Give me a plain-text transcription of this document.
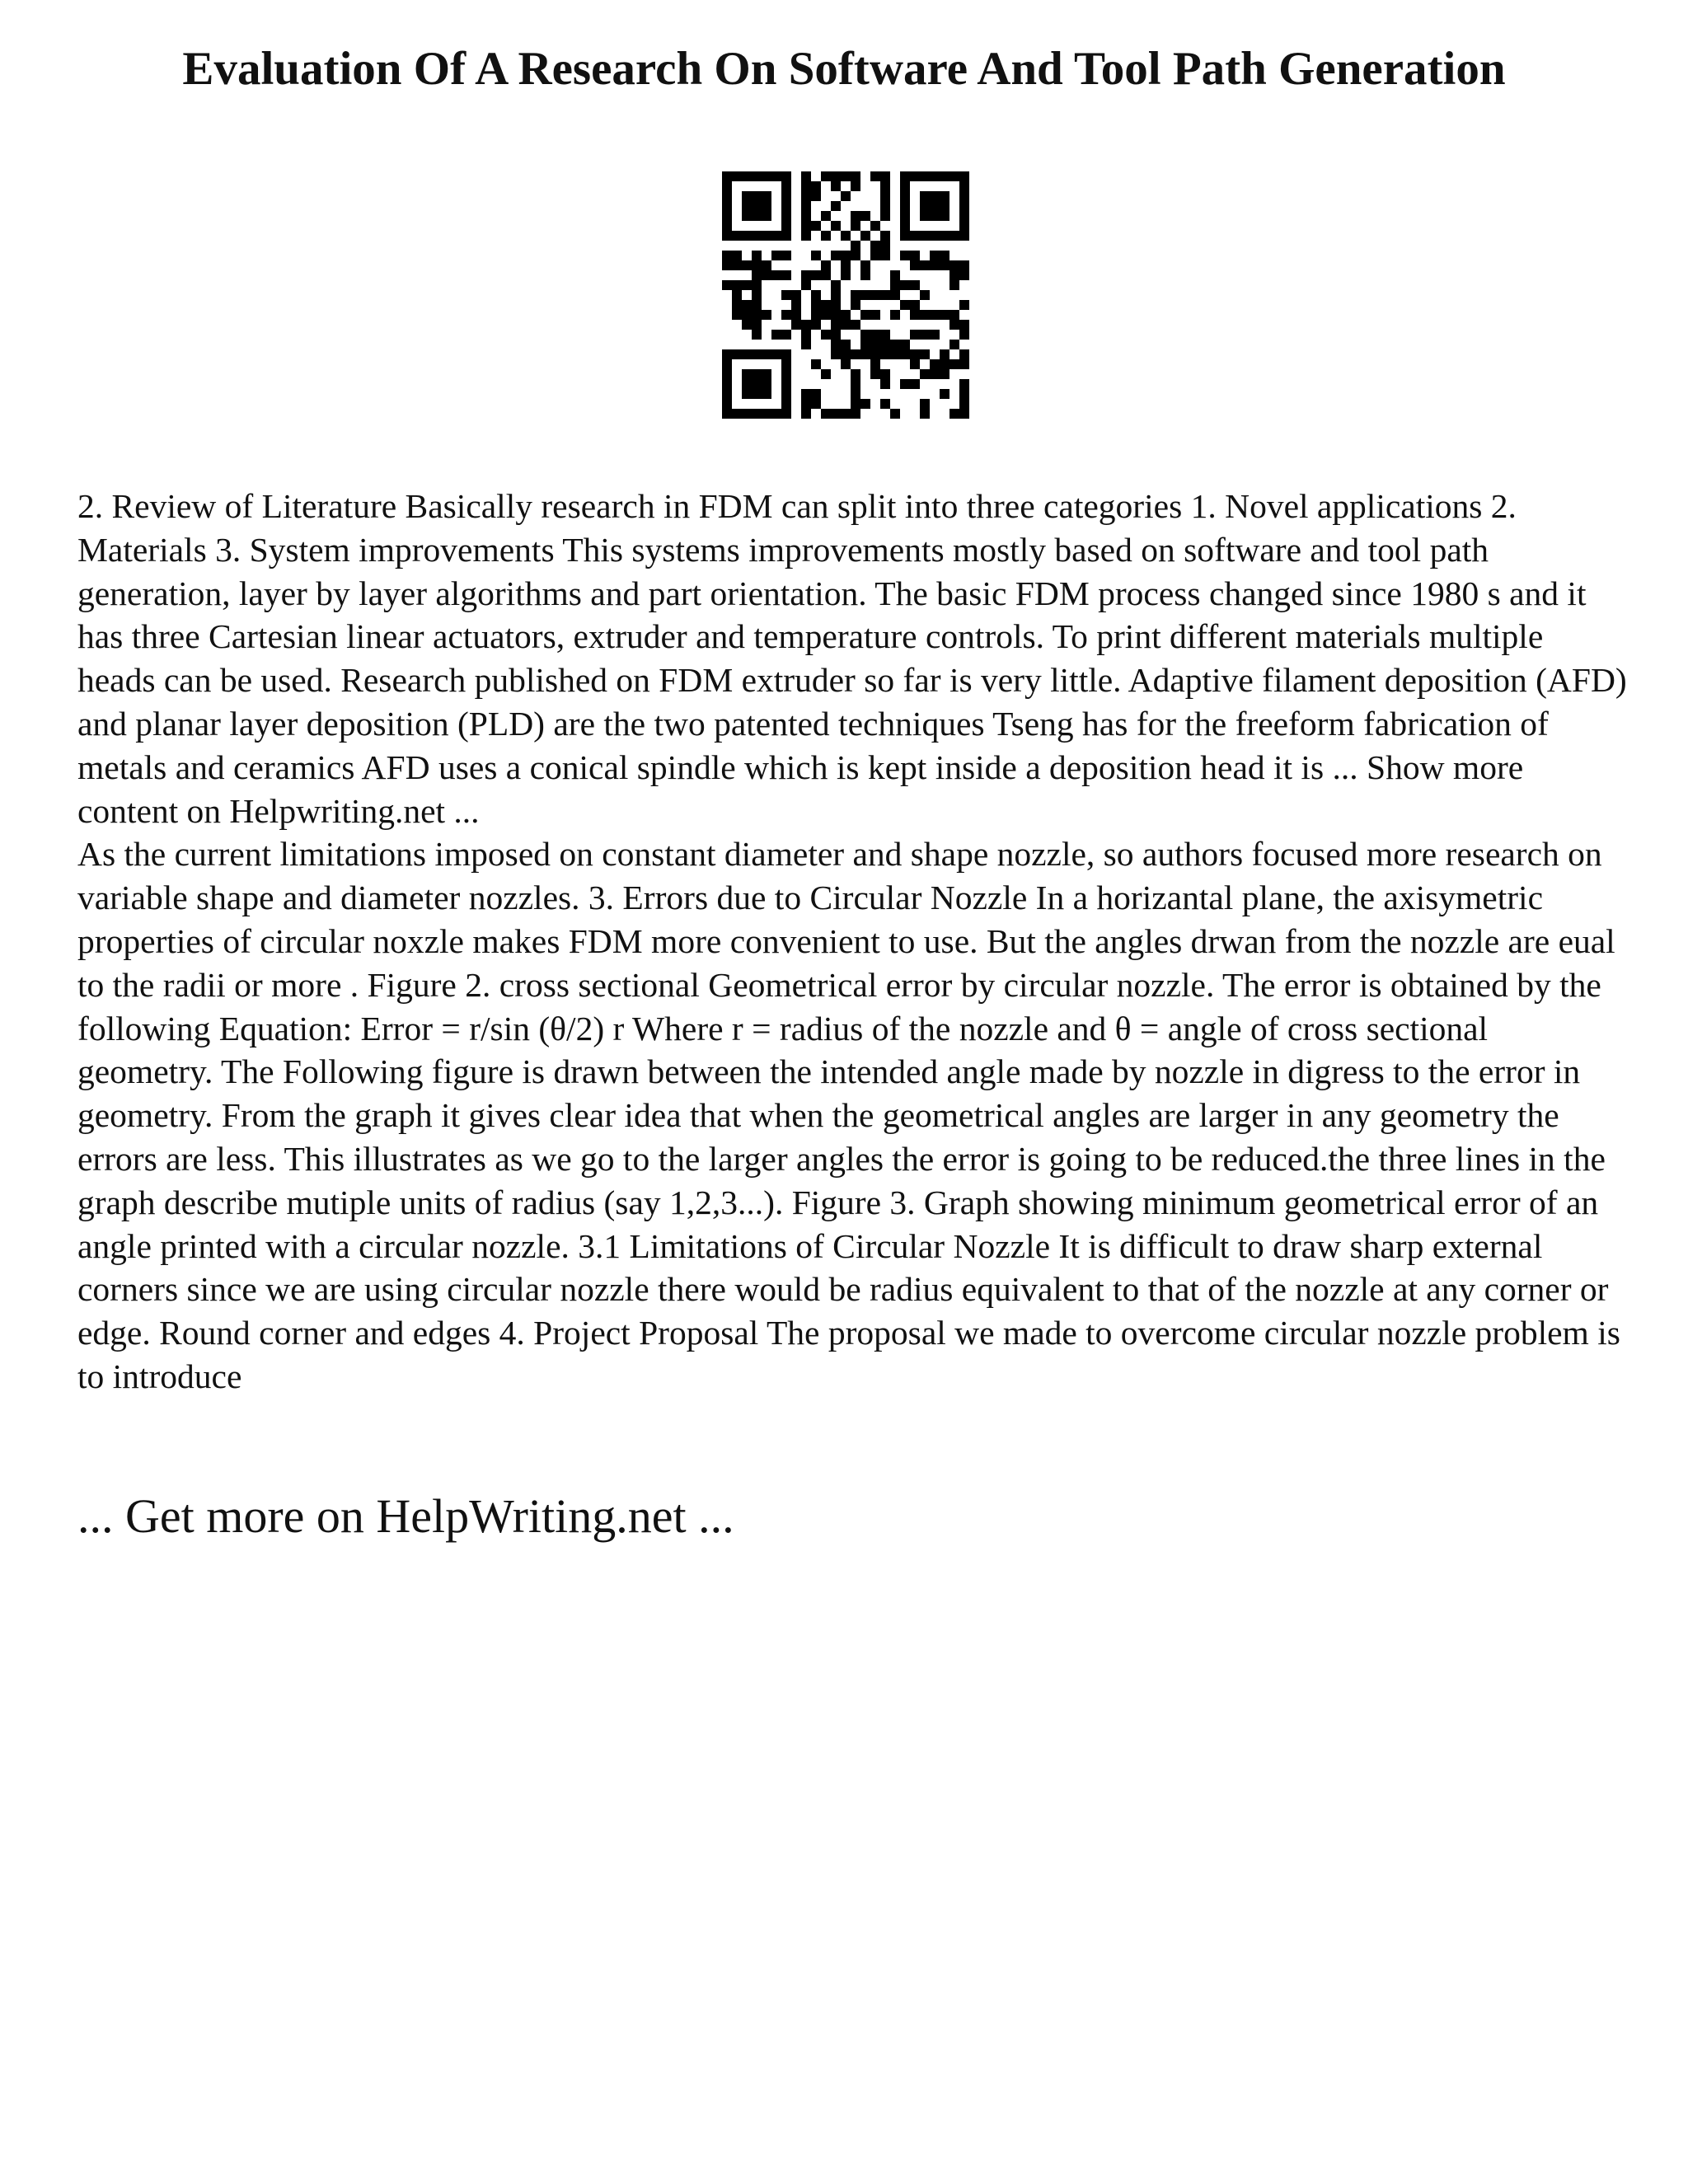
Evaluation Of A Research On Software And Tool Path Generation

2. Review of Literature Basically research in FDM can split into three categories 1. Novel applications 2. Materials 3. System improvements This systems improvements mostly based on software and tool path generation, layer by layer algorithms and part orientation. The basic FDM process changed since 1980 s and it has three Cartesian linear actuators, extruder and temperature controls. To print different materials multiple heads can be used. Research published on FDM extruder so far is very little. Adaptive filament deposition (AFD) and planar layer deposition (PLD) are the two patented techniques Tseng has for the freeform fabrication of metals and ceramics AFD uses a conical spindle which is kept inside a deposition head it is ... Show more content on Helpwriting.net ...

As the current limitations imposed on constant diameter and shape nozzle, so authors focused more research on variable shape and diameter nozzles. 3. Errors due to Circular Nozzle In a horizantal plane, the axisymetric properties of circular noxzle makes FDM more convenient to use. But the angles drwan from the nozzle are eual to the radii or more . Figure 2. cross sectional Geometrical error by circular nozzle. The error is obtained by the following Equation: Error = r/sin (θ/2) r Where r = radius of the nozzle and θ = angle of cross sectional geometry. The Following figure is drawn between the intended angle made by nozzle in digress to the error in geometry. From the graph it gives clear idea that when the geometrical angles are larger in any geometry the errors are less. This illustrates as we go to the larger angles the error is going to be reduced.the three lines in the graph describe mutiple units of radius (say 1,2,3...). Figure 3. Graph showing minimum geometrical error of an angle printed with a circular nozzle. 3.1 Limitations of Circular Nozzle It is difficult to draw sharp external corners since we are using circular nozzle there would be radius equivalent to that of the nozzle at any corner or edge. Round corner and edges 4. Project Proposal The proposal we made to overcome circular nozzle problem is to introduce

... Get more on HelpWriting.net ...
